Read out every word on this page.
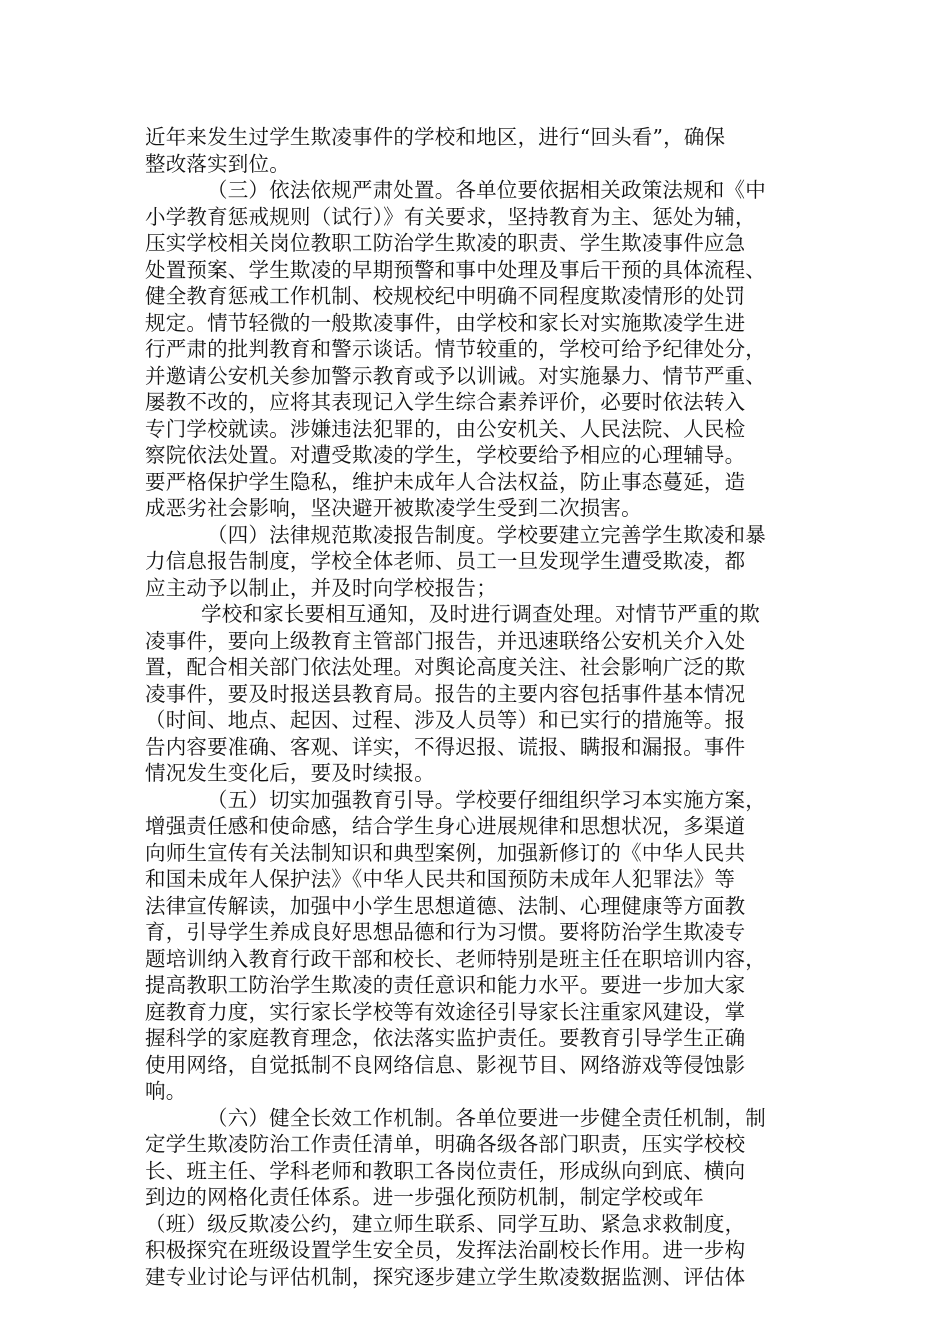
近年来发生过学生欺凌事件的学校和地区，进行“回头看”，确保
整改落实到位。
（三）依法依规严肃处置。各单位要依据相关政策法规和《中
小学教育惩戒规则（试行）》有关要求，坚持教育为主、惩处为辅，
压实学校相关岗位教职工防治学生欺凌的职责、学生欺凌事件应急
处置预案、学生欺凌的早期预警和事中处理及事后干预的具体流程、
健全教育惩戒工作机制、校规校纪中明确不同程度欺凌情形的处罚
规定。情节轻微的一般欺凌事件，由学校和家长对实施欺凌学生进
行严肃的批判教育和警示谈话。情节较重的，学校可给予纪律处分，
并邀请公安机关参加警示教育或予以训诫。对实施暴力、情节严重、
屡教不改的，应将其表现记入学生综合素养评价，必要时依法转入
专门学校就读。涉嫌违法犯罪的，由公安机关、人民法院、人民检
察院依法处置。对遭受欺凌的学生，学校要给予相应的心理辅导。
要严格保护学生隐私，维护未成年人合法权益，防止事态蔓延，造
成恶劣社会影响，坚决避开被欺凌学生受到二次损害。
（四）法律规范欺凌报告制度。学校要建立完善学生欺凌和暴
力信息报告制度，学校全体老师、员工一旦发现学生遭受欺凌，都
应主动予以制止，并及时向学校报告；
学校和家长要相互通知，及时进行调查处理。对情节严重的欺
凌事件，要向上级教育主管部门报告，并迅速联络公安机关介入处
置，配合相关部门依法处理。对舆论高度关注、社会影响广泛的欺
凌事件，要及时报送县教育局。报告的主要内容包括事件基本情况
（时间、地点、起因、过程、涉及人员等）和已实行的措施等。报
告内容要准确、客观、详实，不得迟报、谎报、瞒报和漏报。事件
情况发生变化后，要及时续报。
（五）切实加强教育引导。学校要仔细组织学习本实施方案，
增强责任感和使命感，结合学生身心进展规律和思想状况，多渠道
向师生宣传有关法制知识和典型案例，加强新修订的《中华人民共
和国未成年人保护法》《中华人民共和国预防未成年人犯罪法》等
法律宣传解读，加强中小学生思想道德、法制、心理健康等方面教
育，引导学生养成良好思想品德和行为习惯。要将防治学生欺凌专
题培训纳入教育行政干部和校长、老师特别是班主任在职培训内容，
提高教职工防治学生欺凌的责任意识和能力水平。要进一步加大家
庭教育力度，实行家长学校等有效途径引导家长注重家风建设，掌
握科学的家庭教育理念，依法落实监护责任。要教育引导学生正确
使用网络，自觉抵制不良网络信息、影视节目、网络游戏等侵蚀影
响。
（六）健全长效工作机制。各单位要进一步健全责任机制，制
定学生欺凌防治工作责任清单，明确各级各部门职责，压实学校校
长、班主任、学科老师和教职工各岗位责任，形成纵向到底、横向
到边的网格化责任体系。进一步强化预防机制，制定学校或年
（班）级反欺凌公约，建立师生联系、同学互助、紧急求救制度，
积极探究在班级设置学生安全员，发挥法治副校长作用。进一步构
建专业讨论与评估机制，探究逐步建立学生欺凌数据监测、评估体
